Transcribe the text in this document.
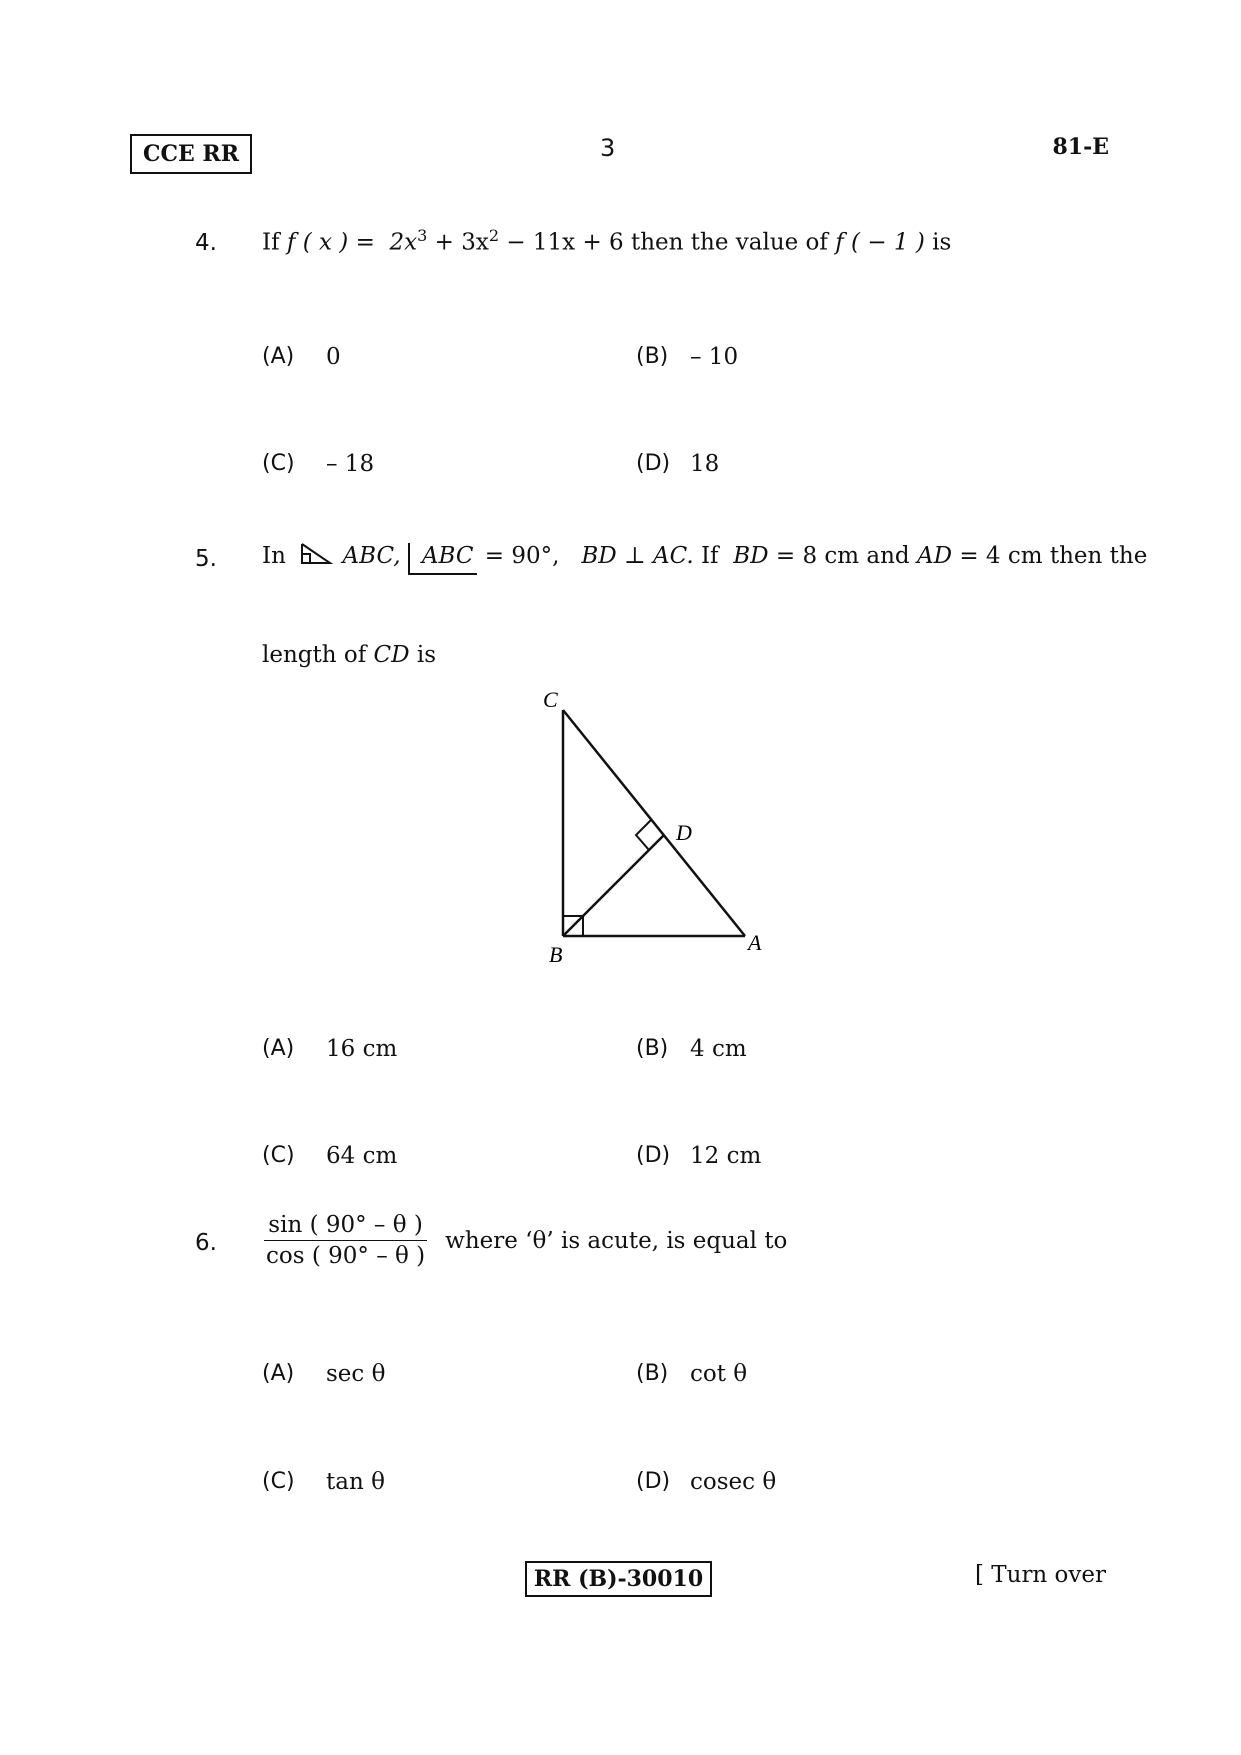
CCE RR	3	81-E
4. If f ( x ) = $2x^3 + 3x^2 - 11x + 6$ then the value of f ( − 1 ) is
(A) 0	(B) – 10
(C) – 18	(D) 18
5. In ABC, ABC = 90°, BD ⊥ AC. If BD = 8 cm and AD = 4 cm then the
length of CD is
C
D
B	A
(A) 16 cm	(B) 4 cm
(C) 64 cm	(D) 12 cm
6. $\frac{\sin ( 90^\circ - \theta )}{\cos ( 90^\circ - \theta )}$ where ‘θ’ is acute, is equal to
(A) sec θ	(B) cot θ
(C) tan θ	(D) cosec θ
RR (B)-30010	[ Turn over
